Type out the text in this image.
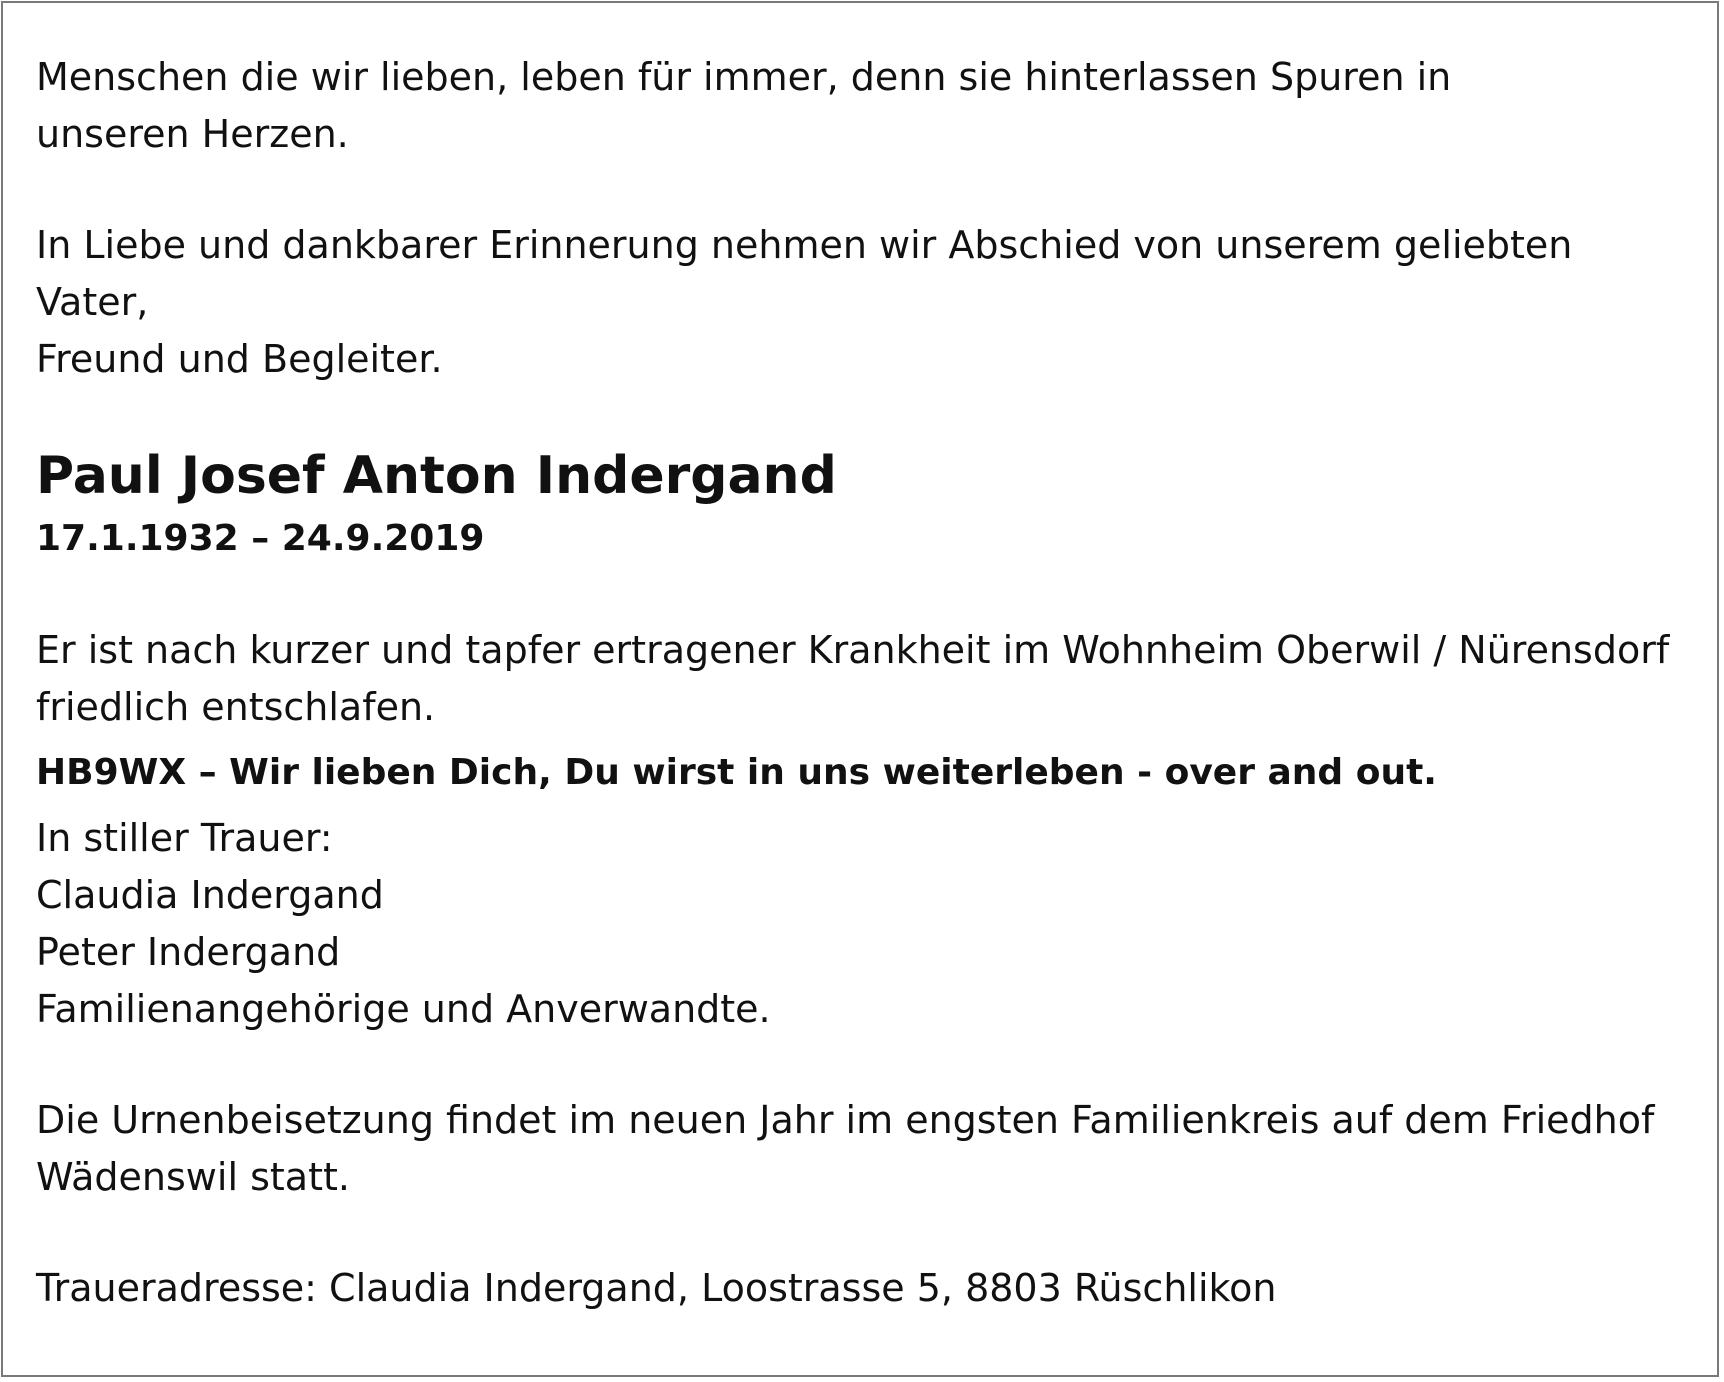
Menschen die wir lieben, leben für immer, denn sie hinterlassen Spuren in

unseren Herzen.

In Liebe und dankbarer Erinnerung nehmen wir Abschied von unserem geliebten Vater,

Freund und Begleiter.

Paul Josef Anton Indergand

17.1.1932 – 24.9.2019

Er ist nach kurzer und tapfer ertragener Krankheit im Wohnheim Oberwil / Nürensdorf

friedlich entschlafen.

HB9WX – Wir lieben Dich, Du wirst in uns weiterleben - over and out.

In stiller Trauer:

Claudia Indergand

Peter Indergand

Familienangehörige und Anverwandte.

Die Urnenbeisetzung findet im neuen Jahr im engsten Familienkreis auf dem Friedhof

Wädenswil statt.

Traueradresse: Claudia Indergand, Loostrasse 5, 8803 Rüschlikon
